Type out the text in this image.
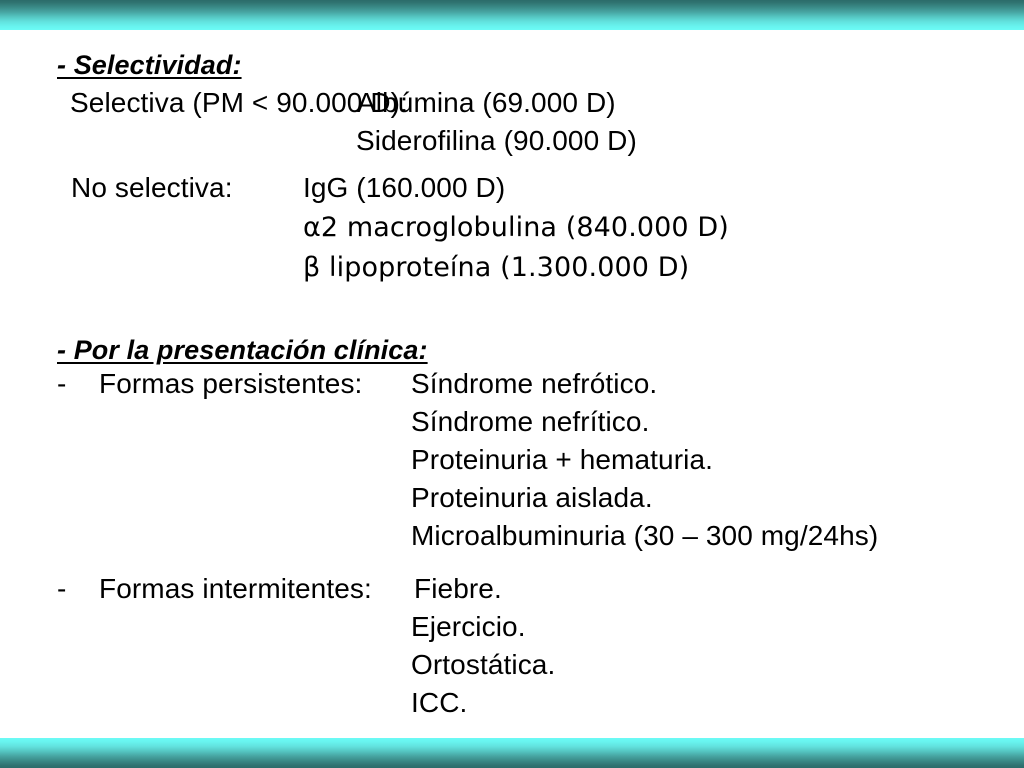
- Selectividad:
Selectiva (PM < 90.000 D):
Albúmina (69.000 D)
Siderofilina (90.000 D)
No selectiva:	IgG (160.000 D)
α2 macroglobulina (840.000 D)
β lipoproteína (1.300.000 D)
- Por la presentación clínica:
- Formas persistentes: Síndrome nefrótico.
Síndrome nefrítico.
Proteinuria + hematuria.
Proteinuria aislada.
Microalbuminuria (30 – 300 mg/24hs)
- Formas intermitentes: Fiebre.
Ejercicio.
Ortostática.
ICC.
